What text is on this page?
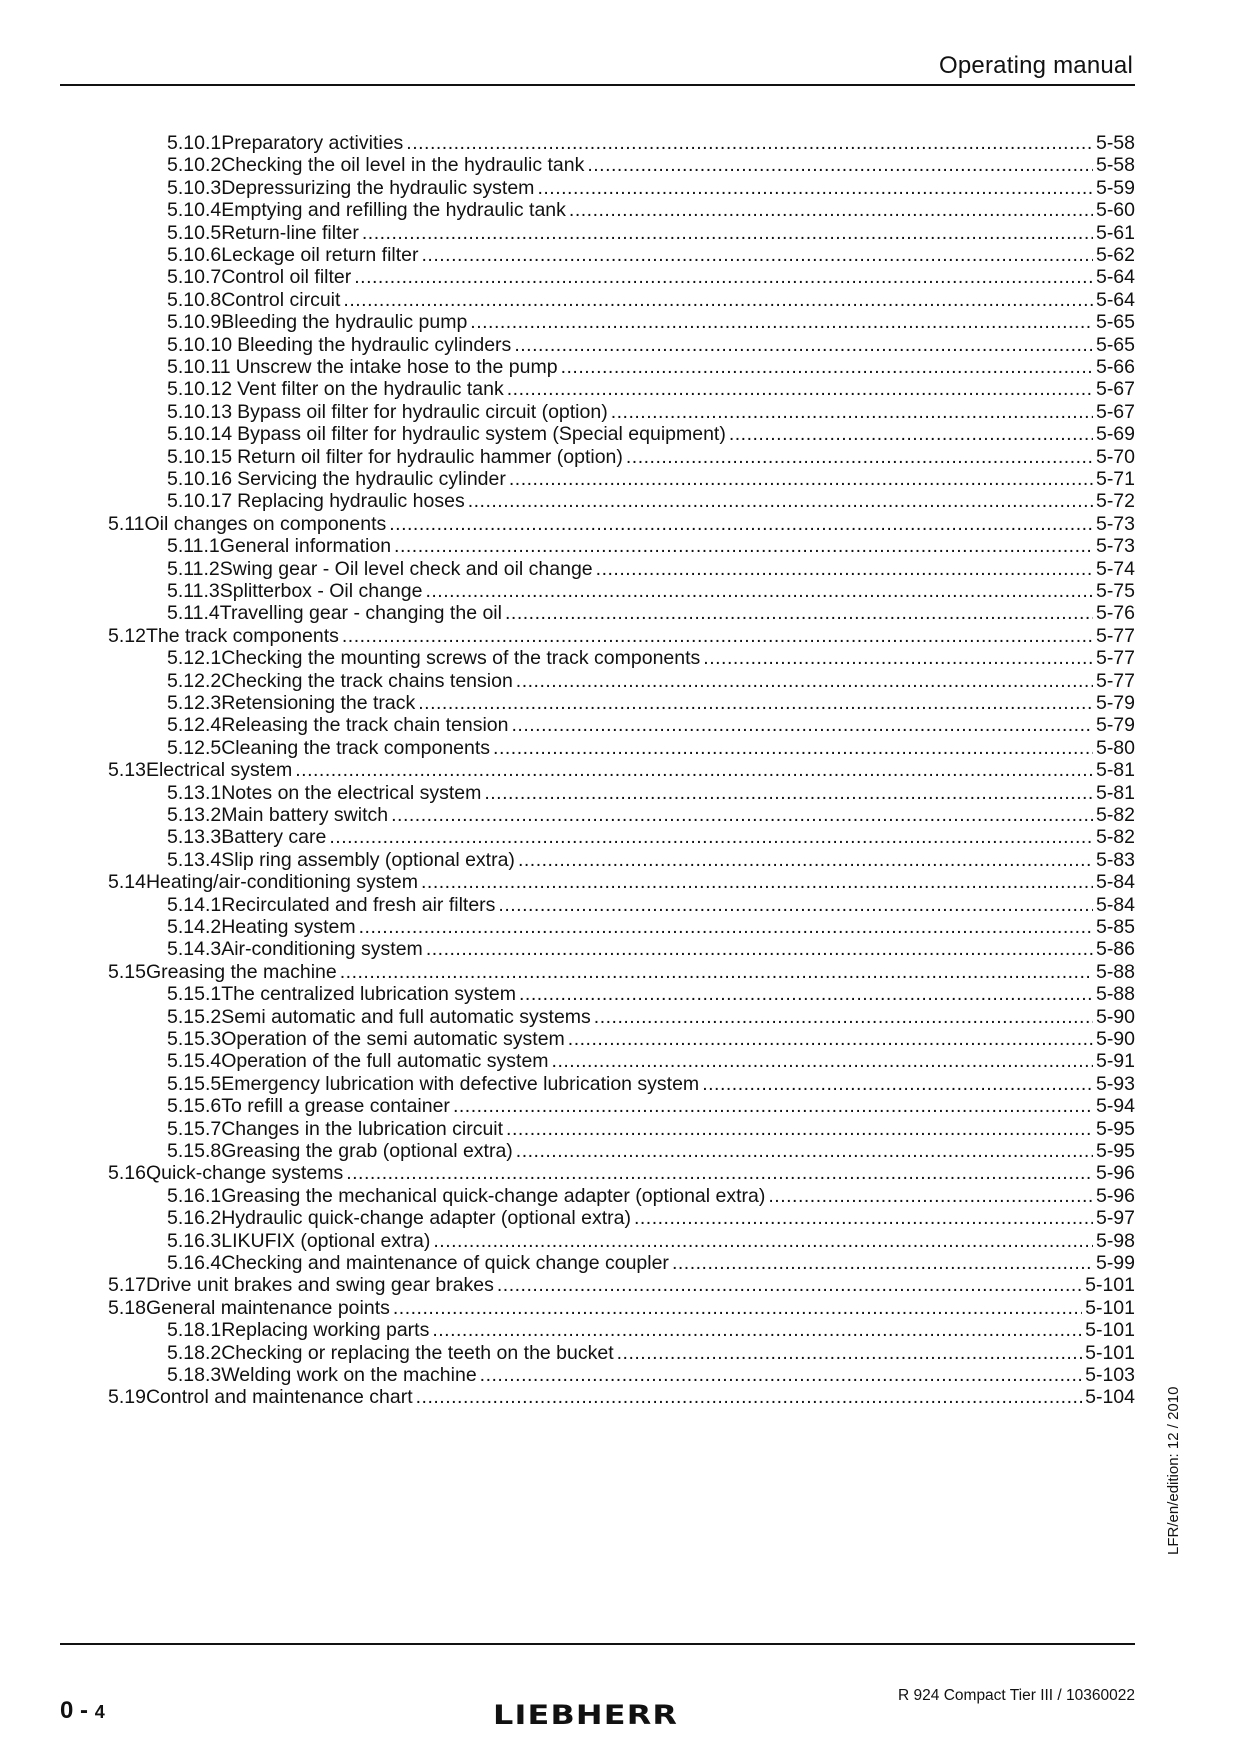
Operating manual
5.10.1 Preparatory activities .....	5-58
5.10.2 Checking the oil level in the hydraulic tank .....	5-58
5.10.3 Depressurizing the hydraulic system .....	5-59
5.10.4 Emptying and refilling the hydraulic tank .....	5-60
5.10.5 Return-line filter .....	5-61
5.10.6 Leckage oil return filter .....	5-62
5.10.7 Control oil filter .....	5-64
5.10.8 Control circuit .....	5-64
5.10.9 Bleeding the hydraulic pump .....	5-65
5.10.10 Bleeding the hydraulic cylinders .....	5-65
5.10.11 Unscrew the intake hose to the pump .....	5-66
5.10.12 Vent filter on the hydraulic tank .....	5-67
5.10.13 Bypass oil filter for hydraulic circuit (option) .....	5-67
5.10.14 Bypass oil filter for hydraulic system (Special equipment) .....	5-69
5.10.15 Return oil filter for hydraulic hammer (option) .....	5-70
5.10.16 Servicing the hydraulic cylinder .....	5-71
5.10.17 Replacing hydraulic hoses .....	5-72
5.11 Oil changes on components .....	5-73
5.11.1 General information .....	5-73
5.11.2 Swing gear - Oil level check and oil change .....	5-74
5.11.3 Splitterbox - Oil change .....	5-75
5.11.4 Travelling gear - changing the oil .....	5-76
5.12 The track components .....	5-77
5.12.1 Checking the mounting screws of the track components .....	5-77
5.12.2 Checking the track chains tension .....	5-77
5.12.3 Retensioning the track .....	5-79
5.12.4 Releasing the track chain tension .....	5-79
5.12.5 Cleaning the track components .....	5-80
5.13 Electrical system .....	5-81
5.13.1 Notes on the electrical system .....	5-81
5.13.2 Main battery switch .....	5-82
5.13.3 Battery care .....	5-82
5.13.4 Slip ring assembly (optional extra) .....	5-83
5.14 Heating/air-conditioning system .....	5-84
5.14.1 Recirculated and fresh air filters .....	5-84
5.14.2 Heating system .....	5-85
5.14.3 Air-conditioning system .....	5-86
5.15 Greasing the machine .....	5-88
5.15.1 The centralized lubrication system .....	5-88
5.15.2 Semi automatic and full automatic systems .....	5-90
5.15.3 Operation of the semi automatic system .....	5-90
5.15.4 Operation of the full automatic system .....	5-91
5.15.5 Emergency lubrication with defective lubrication system .....	5-93
5.15.6 To refill a grease container .....	5-94
5.15.7 Changes in the lubrication circuit .....	5-95
5.15.8 Greasing the grab (optional extra) .....	5-95
5.16 Quick-change systems .....	5-96
5.16.1 Greasing the mechanical quick-change adapter (optional extra) .....	5-96
5.16.2 Hydraulic quick-change adapter (optional extra) .....	5-97
5.16.3 LIKUFIX (optional extra) .....	5-98
5.16.4 Checking and maintenance of quick change coupler .....	5-99
5.17 Drive unit brakes and swing gear brakes .....	5-101
5.18 General maintenance points .....	5-101
5.18.1 Replacing working parts .....	5-101
5.18.2 Checking or replacing the teeth on the bucket .....	5-101
5.18.3 Welding work on the machine .....	5-103
5.19 Control and maintenance chart .....	5-104 LFR/en/edition: 12 / 2010
0 - 4	LIEBHERR
R 924 Compact Tier III / 10360022
